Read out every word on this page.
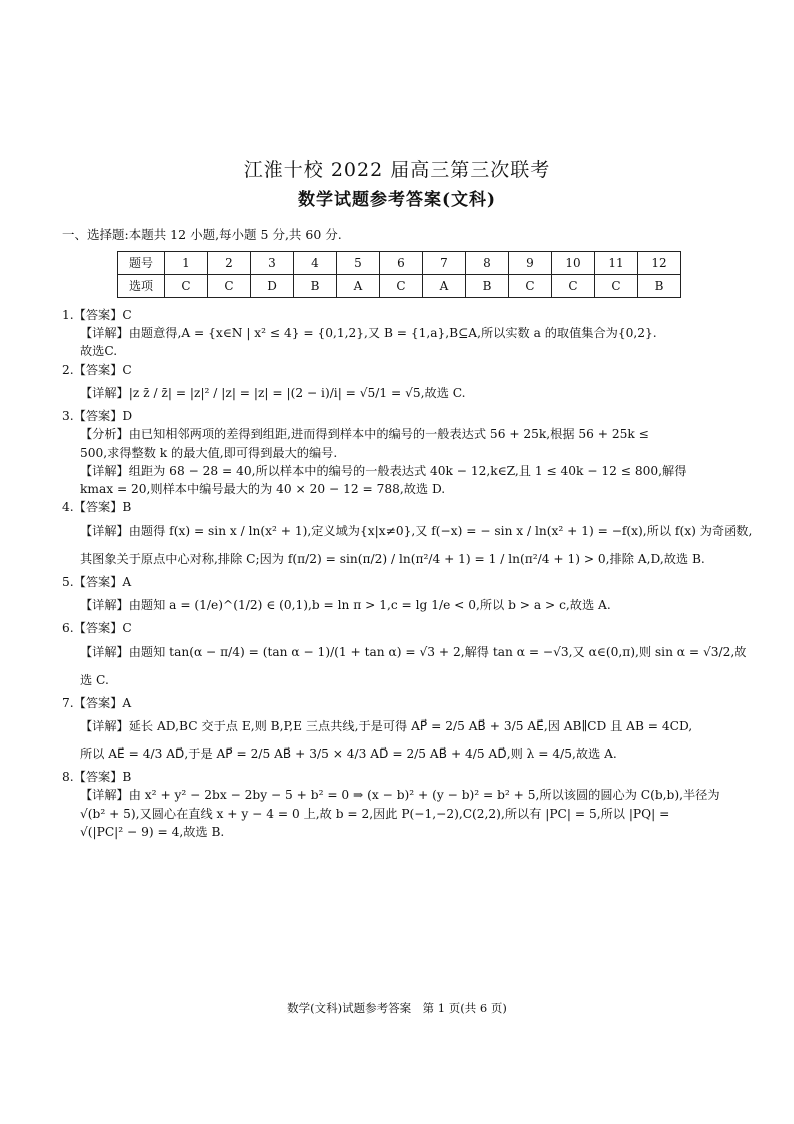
江淮十校 2022 届高三第三次联考
数学试题参考答案(文科)
一、选择题:本题共 12 小题,每小题 5 分,共 60 分.
题号	1	2	3	4	5	6	7	8	9	10	11	12
选项	C	C	D	B	A	C	A	B	C	C	C	B
1.【答案】C
【详解】由题意得,A = {x∈N | x² ≤ 4} = {0,1,2},又 B = {1,a},B⊆A,所以实数 a 的取值集合为{0,2}.
故选C.
2.【答案】C
【详解】|z z̄ / z̄| = |z|² / |z| = |z| = |(2 − i)/i| = √5/1 = √5,故选 C.
3.【答案】D
【分析】由已知相邻两项的差得到组距,进而得到样本中的编号的一般表达式 56 + 25k,根据 56 + 25k ≤
500,求得整数 k 的最大值,即可得到最大的编号.
【详解】组距为 68 − 28 = 40,所以样本中的编号的一般表达式 40k − 12,k∈Z,且 1 ≤ 40k − 12 ≤ 800,解得
kmax = 20,则样本中编号最大的为 40 × 20 − 12 = 788,故选 D.
4.【答案】B
【详解】由题得 f(x) = sin x / ln(x² + 1),定义域为{x|x≠0},又 f(−x) = − sin x / ln(x² + 1) = −f(x),所以 f(x) 为奇函数,
其图象关于原点中心对称,排除 C;因为 f(π/2) = sin(π/2) / ln(π²/4 + 1) = 1 / ln(π²/4 + 1) > 0,排除 A,D,故选 B.
5.【答案】A
【详解】由题知 a = (1/e)^(1/2) ∈ (0,1),b = ln π > 1,c = lg 1/e < 0,所以 b > a > c,故选 A.
6.【答案】C
【详解】由题知 tan(α − π/4) = (tan α − 1)/(1 + tan α) = √3 + 2,解得 tan α = −√3,又 α∈(0,π),则 sin α = √3/2,故选 C.
7.【答案】A
【详解】延长 AD,BC 交于点 E,则 B,P,E 三点共线,于是可得 AP⃗ = 2/5 AB⃗ + 3/5 AE⃗,因 AB∥CD 且 AB = 4CD,
所以 AE⃗ = 4/3 AD⃗,于是 AP⃗ = 2/5 AB⃗ + 3/5 × 4/3 AD⃗ = 2/5 AB⃗ + 4/5 AD⃗,则 λ = 4/5,故选 A.
8.【答案】B
【详解】由 x² + y² − 2bx − 2by − 5 + b² = 0 ⇒ (x − b)² + (y − b)² = b² + 5,所以该圆的圆心为 C(b,b),半径为
√(b² + 5),又圆心在直线 x + y − 4 = 0 上,故 b = 2,因此 P(−1,−2),C(2,2),所以有 |PC| = 5,所以 |PQ| =
√(|PC|² − 9) = 4,故选 B.
数学(文科)试题参考答案　第 1 页(共 6 页)
